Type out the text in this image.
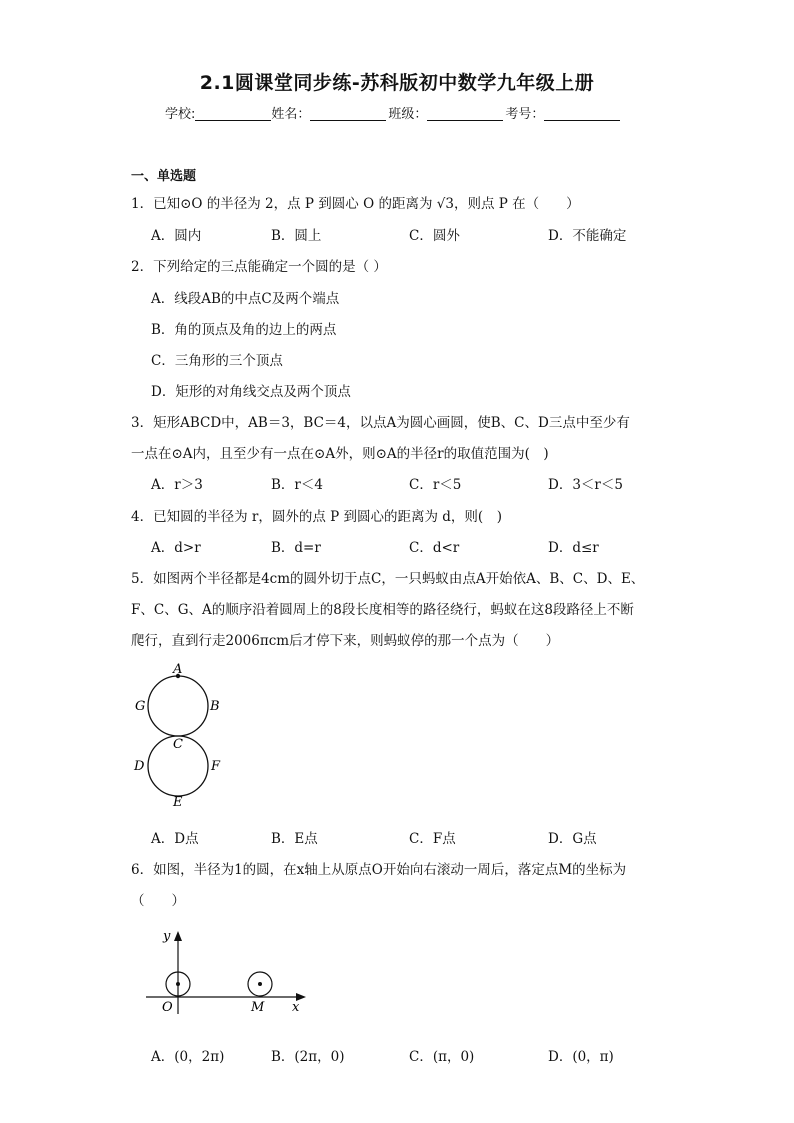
2.1圆课堂同步练-苏科版初中数学九年级上册
学校:	姓名：	班级：	考号：
一、单选题
1．已知⊙O 的半径为 2，点 P 到圆心 O 的距离为 √3，则点 P 在（　　）
A．圆内	B．圆上	C．圆外	D．不能确定
2．下列给定的三点能确定一个圆的是（ ）
A．线段AB的中点C及两个端点
B．角的顶点及角的边上的两点
C．三角形的三个顶点
D．矩形的对角线交点及两个顶点
3．矩形ABCD中，AB＝3，BC＝4，以点A为圆心画圆，使B、C、D三点中至少有
一点在⊙A内，且至少有一点在⊙A外，则⊙A的半径r的取值范围为(　)
A．r＞3	B．r＜4	C．r＜5	D．3＜r＜5
4．已知圆的半径为 r，圆外的点 P 到圆心的距离为 d，则(　)
A．d>r	B．d=r	C．d<r	D．d≤r
5．如图两个半径都是4cm的圆外切于点C，一只蚂蚁由点A开始依A、B、C、D、E、
F、C、G、A的顺序沿着圆周上的8段长度相等的路径绕行，蚂蚁在这8段路径上不断
爬行，直到行走2006πcm后才停下来，则蚂蚁停的那一个点为（　　）
A
B
C
D
E
F
G
A．D点	B．E点	C．F点	D．G点
6．如图，半径为1的圆，在x轴上从原点O开始向右滚动一周后，落定点M的坐标为
（　　）
y
x
O	M
A．(0，2π)	B．(2π，0)	C．(π，0)	D．(0，π)
